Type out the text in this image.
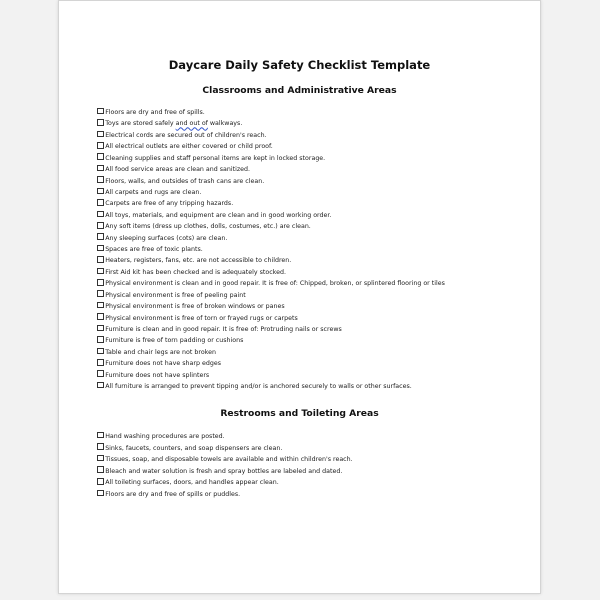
Daycare Daily Safety Checklist Template
Classrooms and Administrative Areas
Floors are dry and free of spills.
Toys are stored safely and out of walkways.
Electrical cords are secured out of children's reach.
All electrical outlets are either covered or child proof.
Cleaning supplies and staff personal items are kept in locked storage.
All food service areas are clean and sanitized.
Floors, walls, and outsides of trash cans are clean.
All carpets and rugs are clean.
Carpets are free of any tripping hazards.
All toys, materials, and equipment are clean and in good working order.
Any soft items (dress up clothes, dolls, costumes, etc.) are clean.
Any sleeping surfaces (cots) are clean.
Spaces are free of toxic plants.
Heaters, registers, fans, etc. are not accessible to children.
First Aid kit has been checked and is adequately stocked.
Physical environment is clean and in good repair. It is free of: Chipped, broken, or splintered flooring or tiles
Physical environment is free of peeling paint
Physical environment is free of broken windows or panes
Physical environment is free of torn or frayed rugs or carpets
Furniture is clean and in good repair. It is free of: Protruding nails or screws
Furniture is free of torn padding or cushions
Table and chair legs are not broken
Furniture does not have sharp edges
Furniture does not have splinters
All furniture is arranged to prevent tipping and/or is anchored securely to walls or other surfaces.
Restrooms and Toileting Areas
Hand washing procedures are posted.
Sinks, faucets, counters, and soap dispensers are clean.
Tissues, soap, and disposable towels are available and within children's reach.
Bleach and water solution is fresh and spray bottles are labeled and dated.
All toileting surfaces, doors, and handles appear clean.
Floors are dry and free of spills or puddles.
